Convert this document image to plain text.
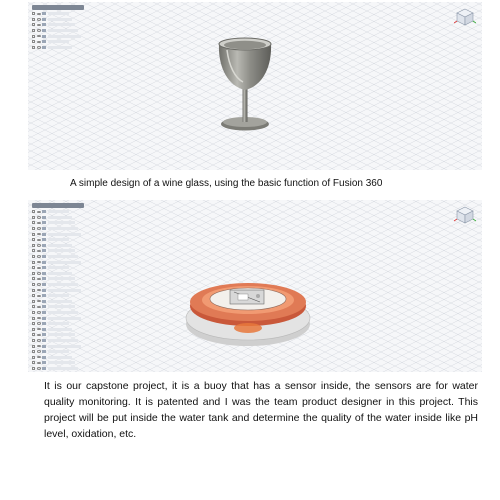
A simple design of a wine glass, using the basic function of Fusion 360
It is our capstone project, it is a buoy that has a sensor inside, the sensors are for water quality monitoring. It is patented and I was the team product designer in this project. This project will be put inside the water tank and determine the quality of the water inside like pH level, oxidation, etc.
